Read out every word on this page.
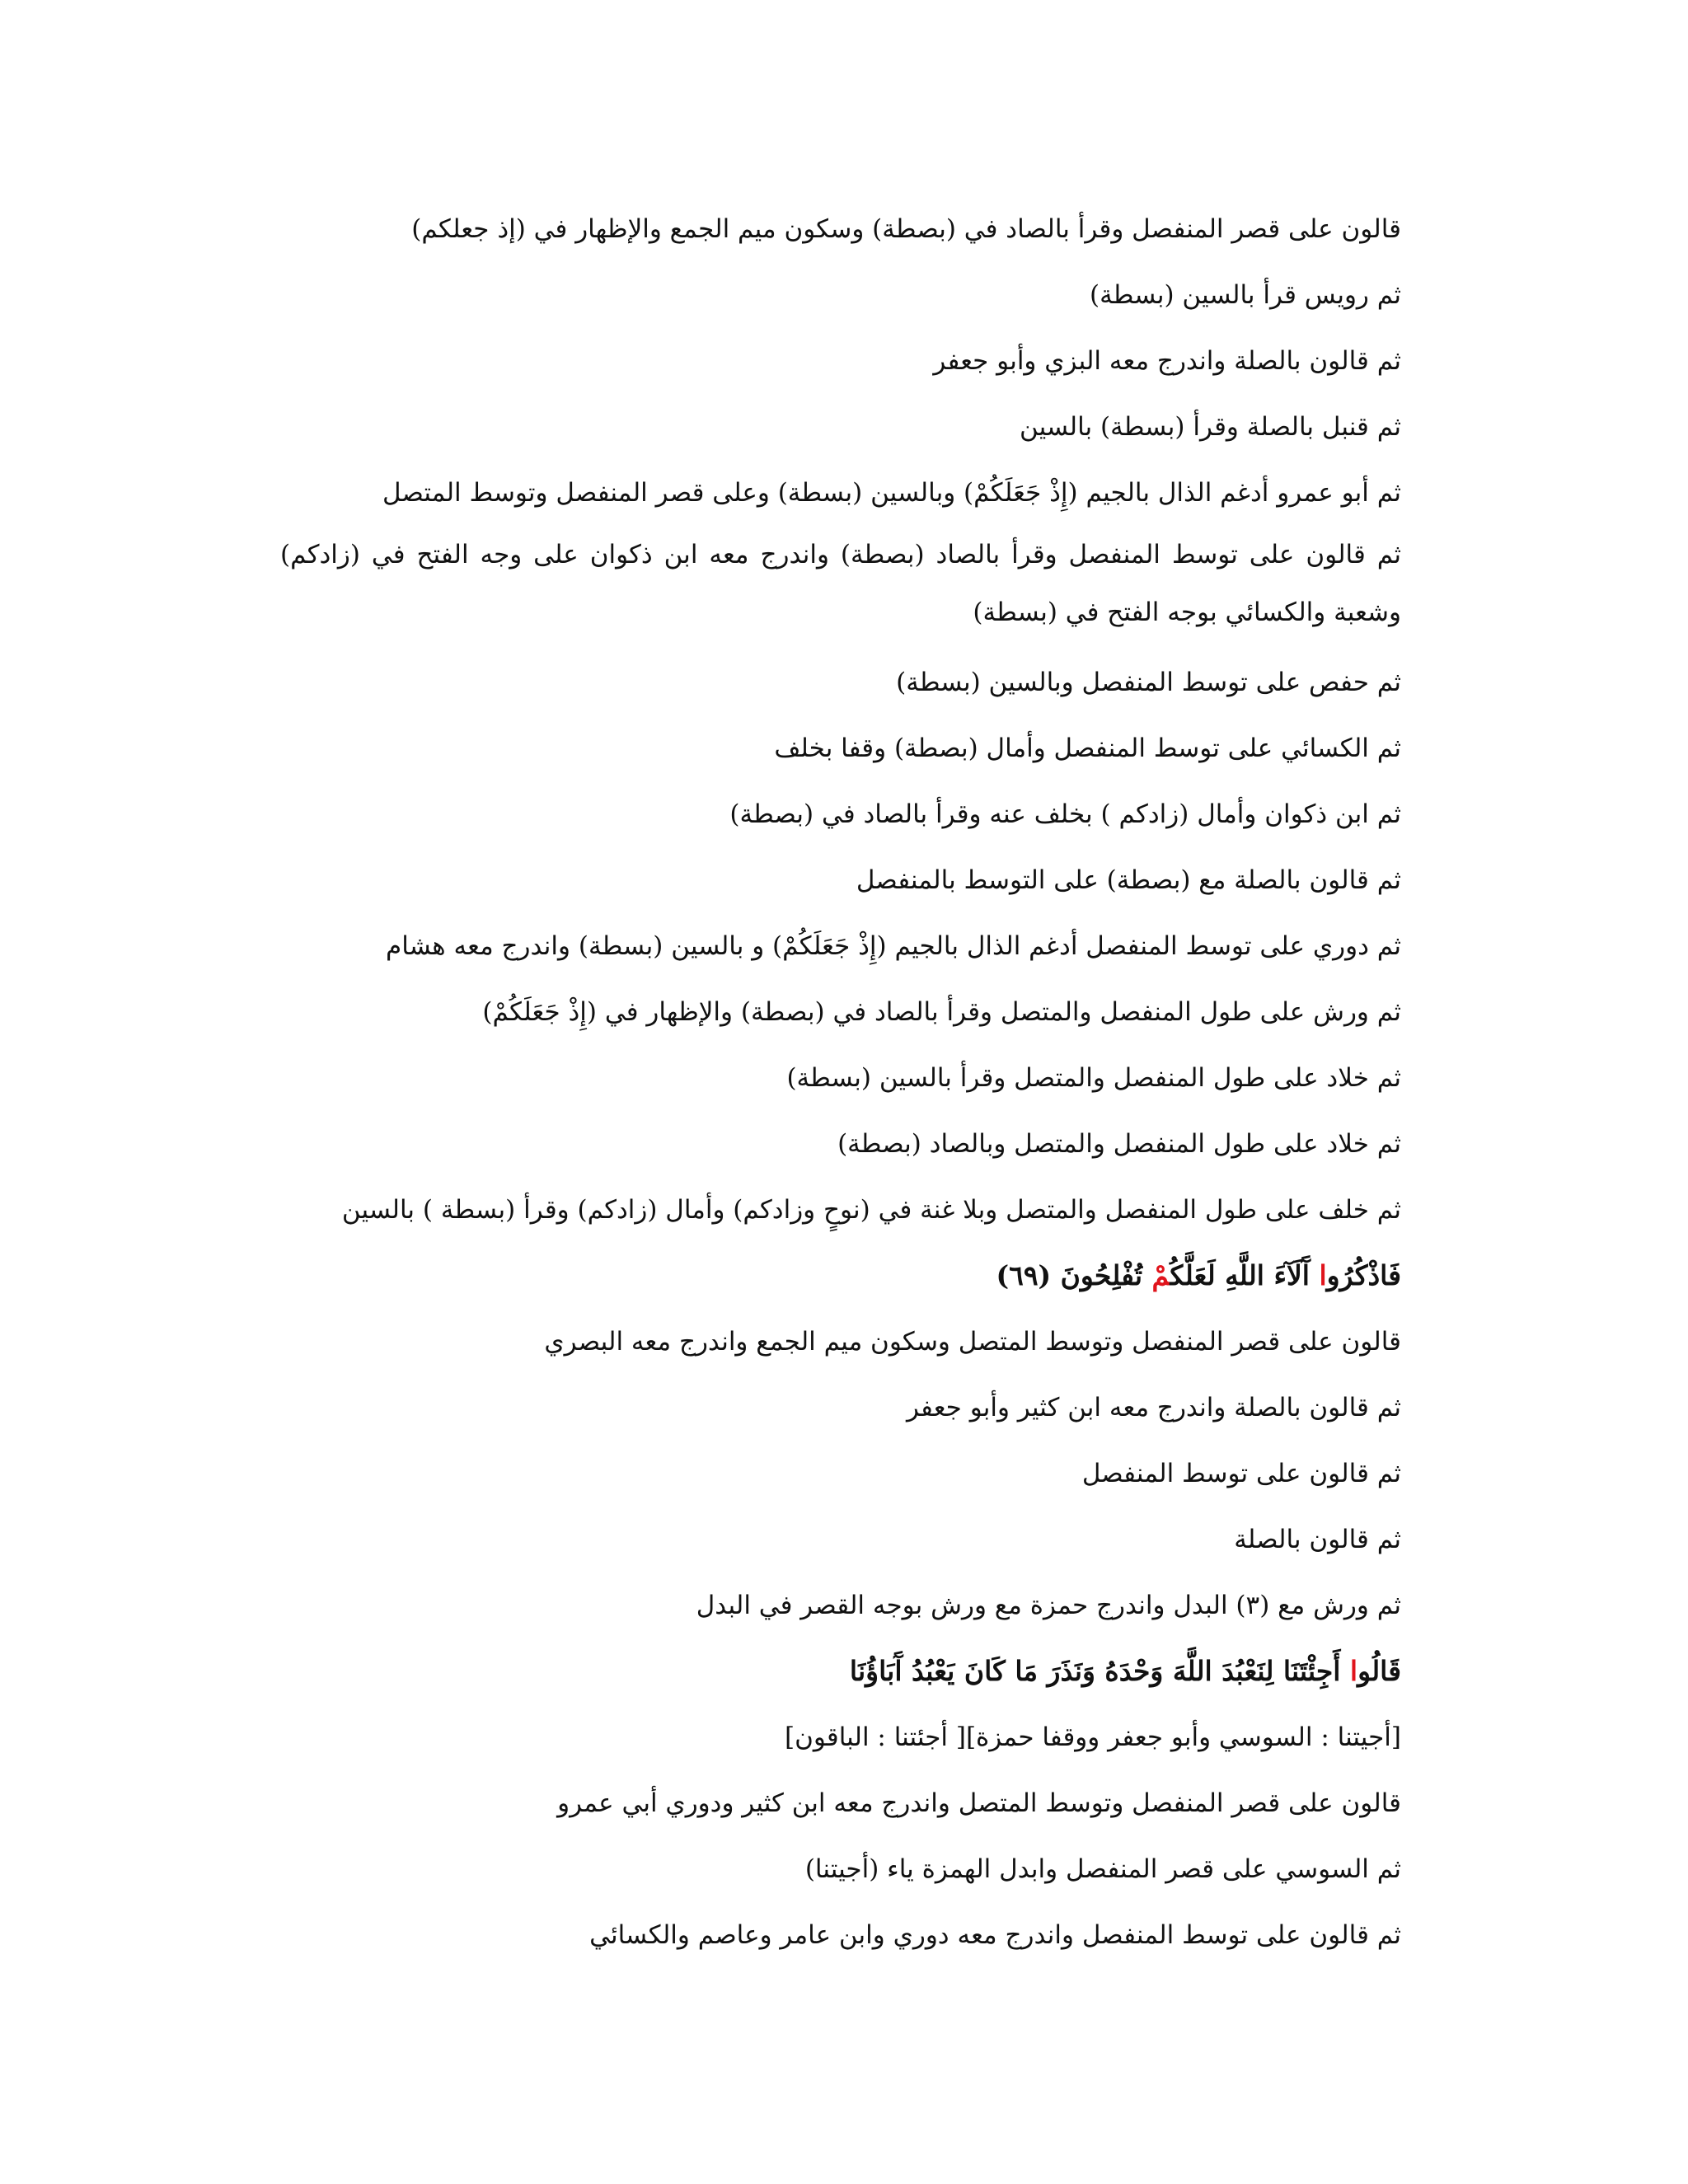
قالون على قصر المنفصل وقرأ بالصاد في (بصطة) وسكون ميم الجمع والإظهار في (إذ جعلكم)
ثم رويس قرأ بالسين (بسطة)
ثم قالون بالصلة واندرج معه البزي وأبو جعفر
ثم قنبل بالصلة وقرأ (بسطة) بالسين
ثم أبو عمرو أدغم الذال بالجيم (إِذْ جَعَلَكُمْ) وبالسين (بسطة) وعلى قصر المنفصل وتوسط المتصل
ثم قالون على توسط المنفصل وقرأ بالصاد (بصطة) واندرج معه ابن ذكوان على وجه الفتح في (زادكم) وشعبة والكسائي بوجه الفتح في (بسطة)
ثم حفص على توسط المنفصل وبالسين (بسطة)
ثم الكسائي على توسط المنفصل وأمال (بصطة) وقفا بخلف
ثم ابن ذكوان وأمال (زادكم ) بخلف عنه وقرأ بالصاد في (بصطة)
ثم قالون بالصلة مع (بصطة) على التوسط بالمنفصل
ثم دوري على توسط المنفصل أدغم الذال بالجيم (إِذْ جَعَلَكُمْ) و بالسين (بسطة) واندرج معه هشام
ثم ورش على طول المنفصل والمتصل وقرأ بالصاد في (بصطة) والإظهار في (إِذْ جَعَلَكُمْ)
ثم خلاد على طول المنفصل والمتصل وقرأ بالسين (بسطة)
ثم خلاد على طول المنفصل والمتصل وبالصاد (بصطة)
ثم خلف على طول المنفصل والمتصل وبلا غنة في (نوحٍ وزادكم) وأمال (زادكم) وقرأ (بسطة ) بالسين
فَاذْكُرُوا آَلَآءَ اللَّهِ لَعَلَّكُمْ تُفْلِحُونَ (٦٩)
قالون على قصر المنفصل وتوسط المتصل وسكون ميم الجمع واندرج معه البصري
ثم قالون بالصلة واندرج معه ابن كثير وأبو جعفر
ثم قالون على توسط المنفصل
ثم قالون بالصلة
ثم ورش مع (٣) البدل واندرج حمزة مع ورش بوجه القصر في البدل
قَالُوا أَجِئْتَنَا لِنَعْبُدَ اللَّهَ وَحْدَهُ وَنَذَرَ مَا كَانَ يَعْبُدُ آَبَاؤُنَا
[أجيتنا : السوسي وأبو جعفر ووقفا حمزة][ أجئتنا : الباقون]
قالون على قصر المنفصل وتوسط المتصل واندرج معه ابن كثير ودوري أبي عمرو
ثم السوسي على قصر المنفصل وابدل الهمزة ياء (أجيتنا)
ثم قالون على توسط المنفصل واندرج معه دوري وابن عامر وعاصم والكسائي
